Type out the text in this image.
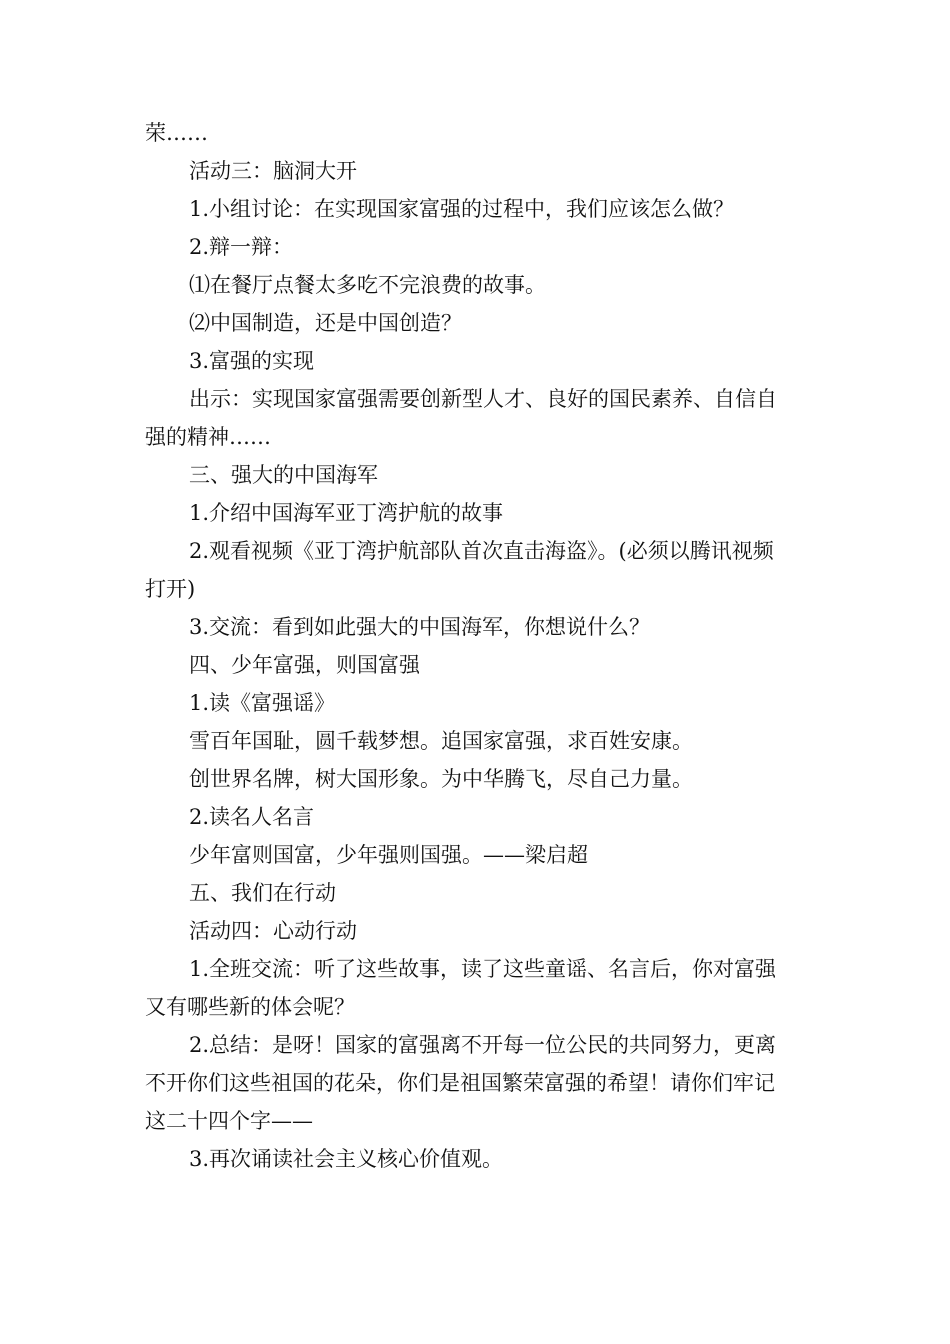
荣……
活动三：脑洞大开
1.小组讨论：在实现国家富强的过程中，我们应该怎么做？
2.辩一辩：
⑴在餐厅点餐太多吃不完浪费的故事。
⑵中国制造，还是中国创造？
3.富强的实现
出示：实现国家富强需要创新型人才、良好的国民素养、自信自
强的精神……
三、强大的中国海军
1.介绍中国海军亚丁湾护航的故事
2.观看视频《亚丁湾护航部队首次直击海盗》。(必须以腾讯视频
打开)
3.交流：看到如此强大的中国海军，你想说什么？
四、少年富强，则国富强
1.读《富强谣》
雪百年国耻，圆千载梦想。追国家富强，求百姓安康。
创世界名牌，树大国形象。为中华腾飞，尽自己力量。
2.读名人名言
少年富则国富，少年强则国强。——梁启超
五、我们在行动
活动四：心动行动
1.全班交流：听了这些故事，读了这些童谣、名言后，你对富强
又有哪些新的体会呢？
2.总结：是呀！国家的富强离不开每一位公民的共同努力，更离
不开你们这些祖国的花朵，你们是祖国繁荣富强的希望！请你们牢记
这二十四个字——
3.再次诵读社会主义核心价值观。
